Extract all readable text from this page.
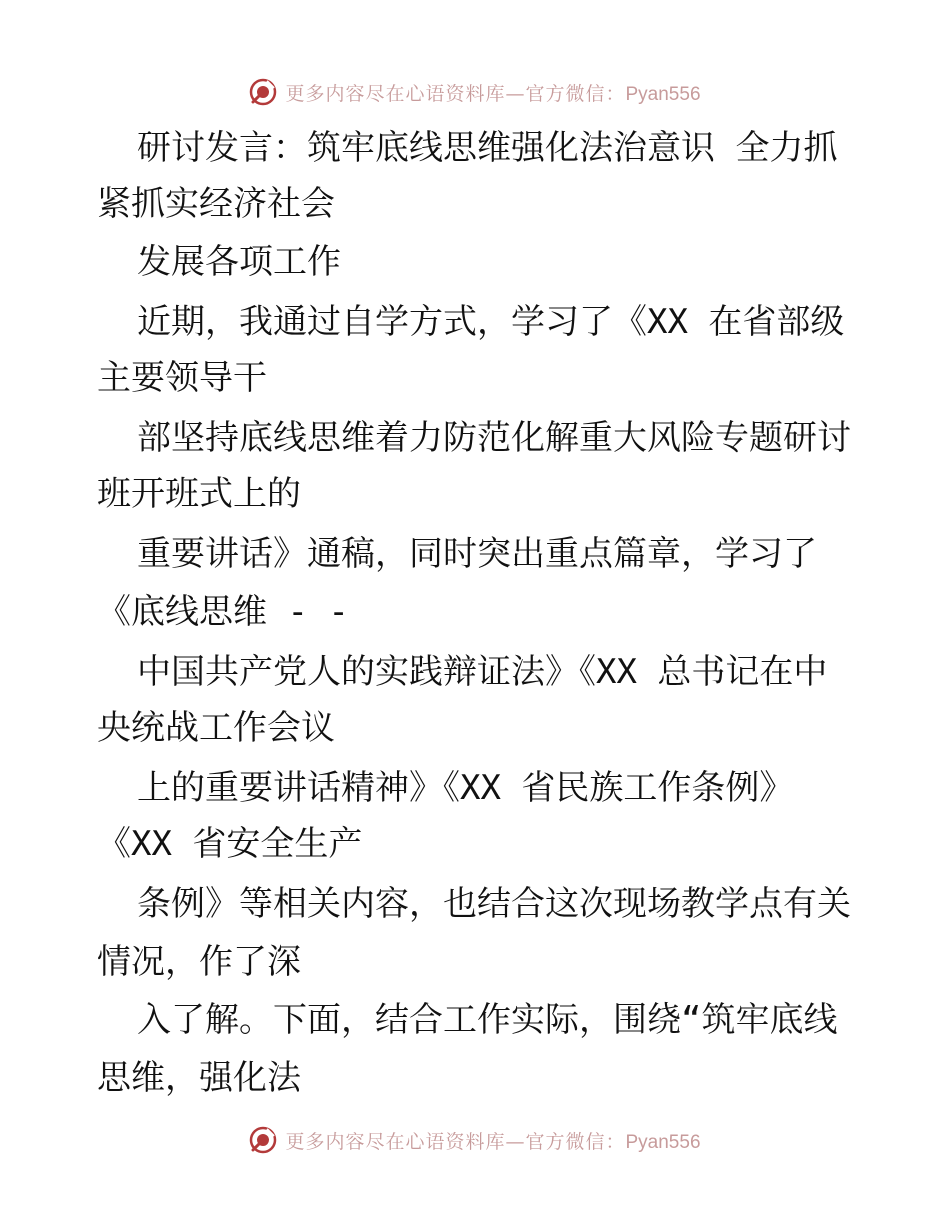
更多内容尽在心语资料库—官方微信：Pyan556
研讨发言：筑牢底线思维强化法治意识 全力抓
紧抓实经济社会
发展各项工作
近期，我通过自学方式，学习了《XX 在省部级
主要领导干
部坚持底线思维着力防范化解重大风险专题研讨
班开班式上的
重要讲话》通稿，同时突出重点篇章，学习了
《底线思维 - -
中国共产党人的实践辩证法》《XX 总书记在中
央统战工作会议
上的重要讲话精神》《XX 省民族工作条例》
《XX 省安全生产
条例》等相关内容，也结合这次现场教学点有关
情况，作了深
入了解。下面，结合工作实际，围绕“筑牢底线
思维，强化法
更多内容尽在心语资料库—官方微信：Pyan556
